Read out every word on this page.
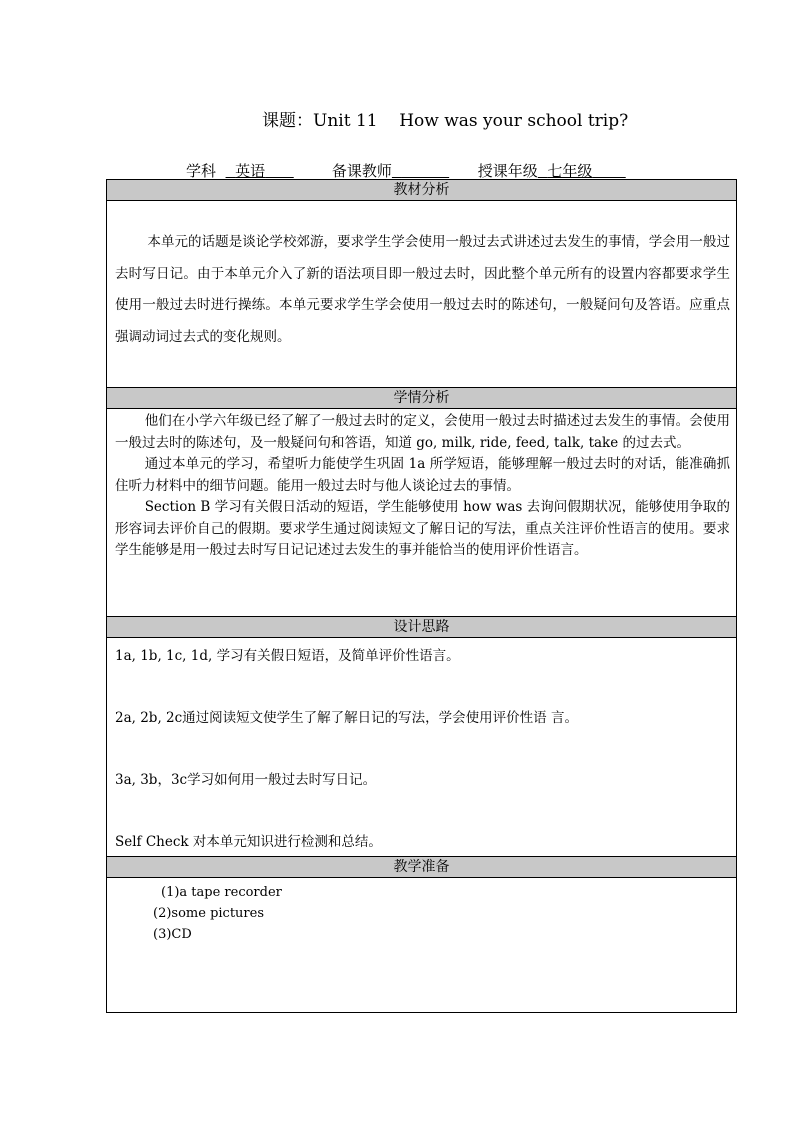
课题：Unit 11    How was your school trip?
学科 英语	备课教师	授课年级 七年级
教材分析

本单元的话题是谈论学校郊游，要求学生学会使用一般过去式讲述过去发生的事情，学会用一般过去时写日记。由于本单元介入了新的语法项目即一般过去时，因此整个单元所有的设置内容都要求学生使用一般过去时进行操练。本单元要求学生学会使用一般过去时的陈述句，一般疑问句及答语。应重点强调动词过去式的变化规则。

学情分析

他们在小学六年级已经了解了一般过去时的定义，会使用一般过去时描述过去发生的事情。会使用一般过去时的陈述句，及一般疑问句和答语，知道 go, milk, ride, feed, talk, take 的过去式。

通过本单元的学习，希望听力能使学生巩固 1a 所学短语，能够理解一般过去时的对话，能准确抓住听力材料中的细节问题。能用一般过去时与他人谈论过去的事情。

Section B 学习有关假日活动的短语，学生能够使用 how was 去询问假期状况，能够使用争取的形容词去评价自己的假期。要求学生通过阅读短文了解日记的写法，重点关注评价性语言的使用。要求学生能够是用一般过去时写日记记述过去发生的事并能恰当的使用评价性语言。

设计思路

1a, 1b, 1c, 1d, 学习有关假日短语，及简单评价性语言。

2a, 2b, 2c通过阅读短文使学生了解了解日记的写法，学会使用评价性语 言。

3a, 3b，3c学习如何用一般过去时写日记。

Self Check 对本单元知识进行检测和总结。

教学准备
(1)a tape recorder
(2)some pictures
(3)CD
